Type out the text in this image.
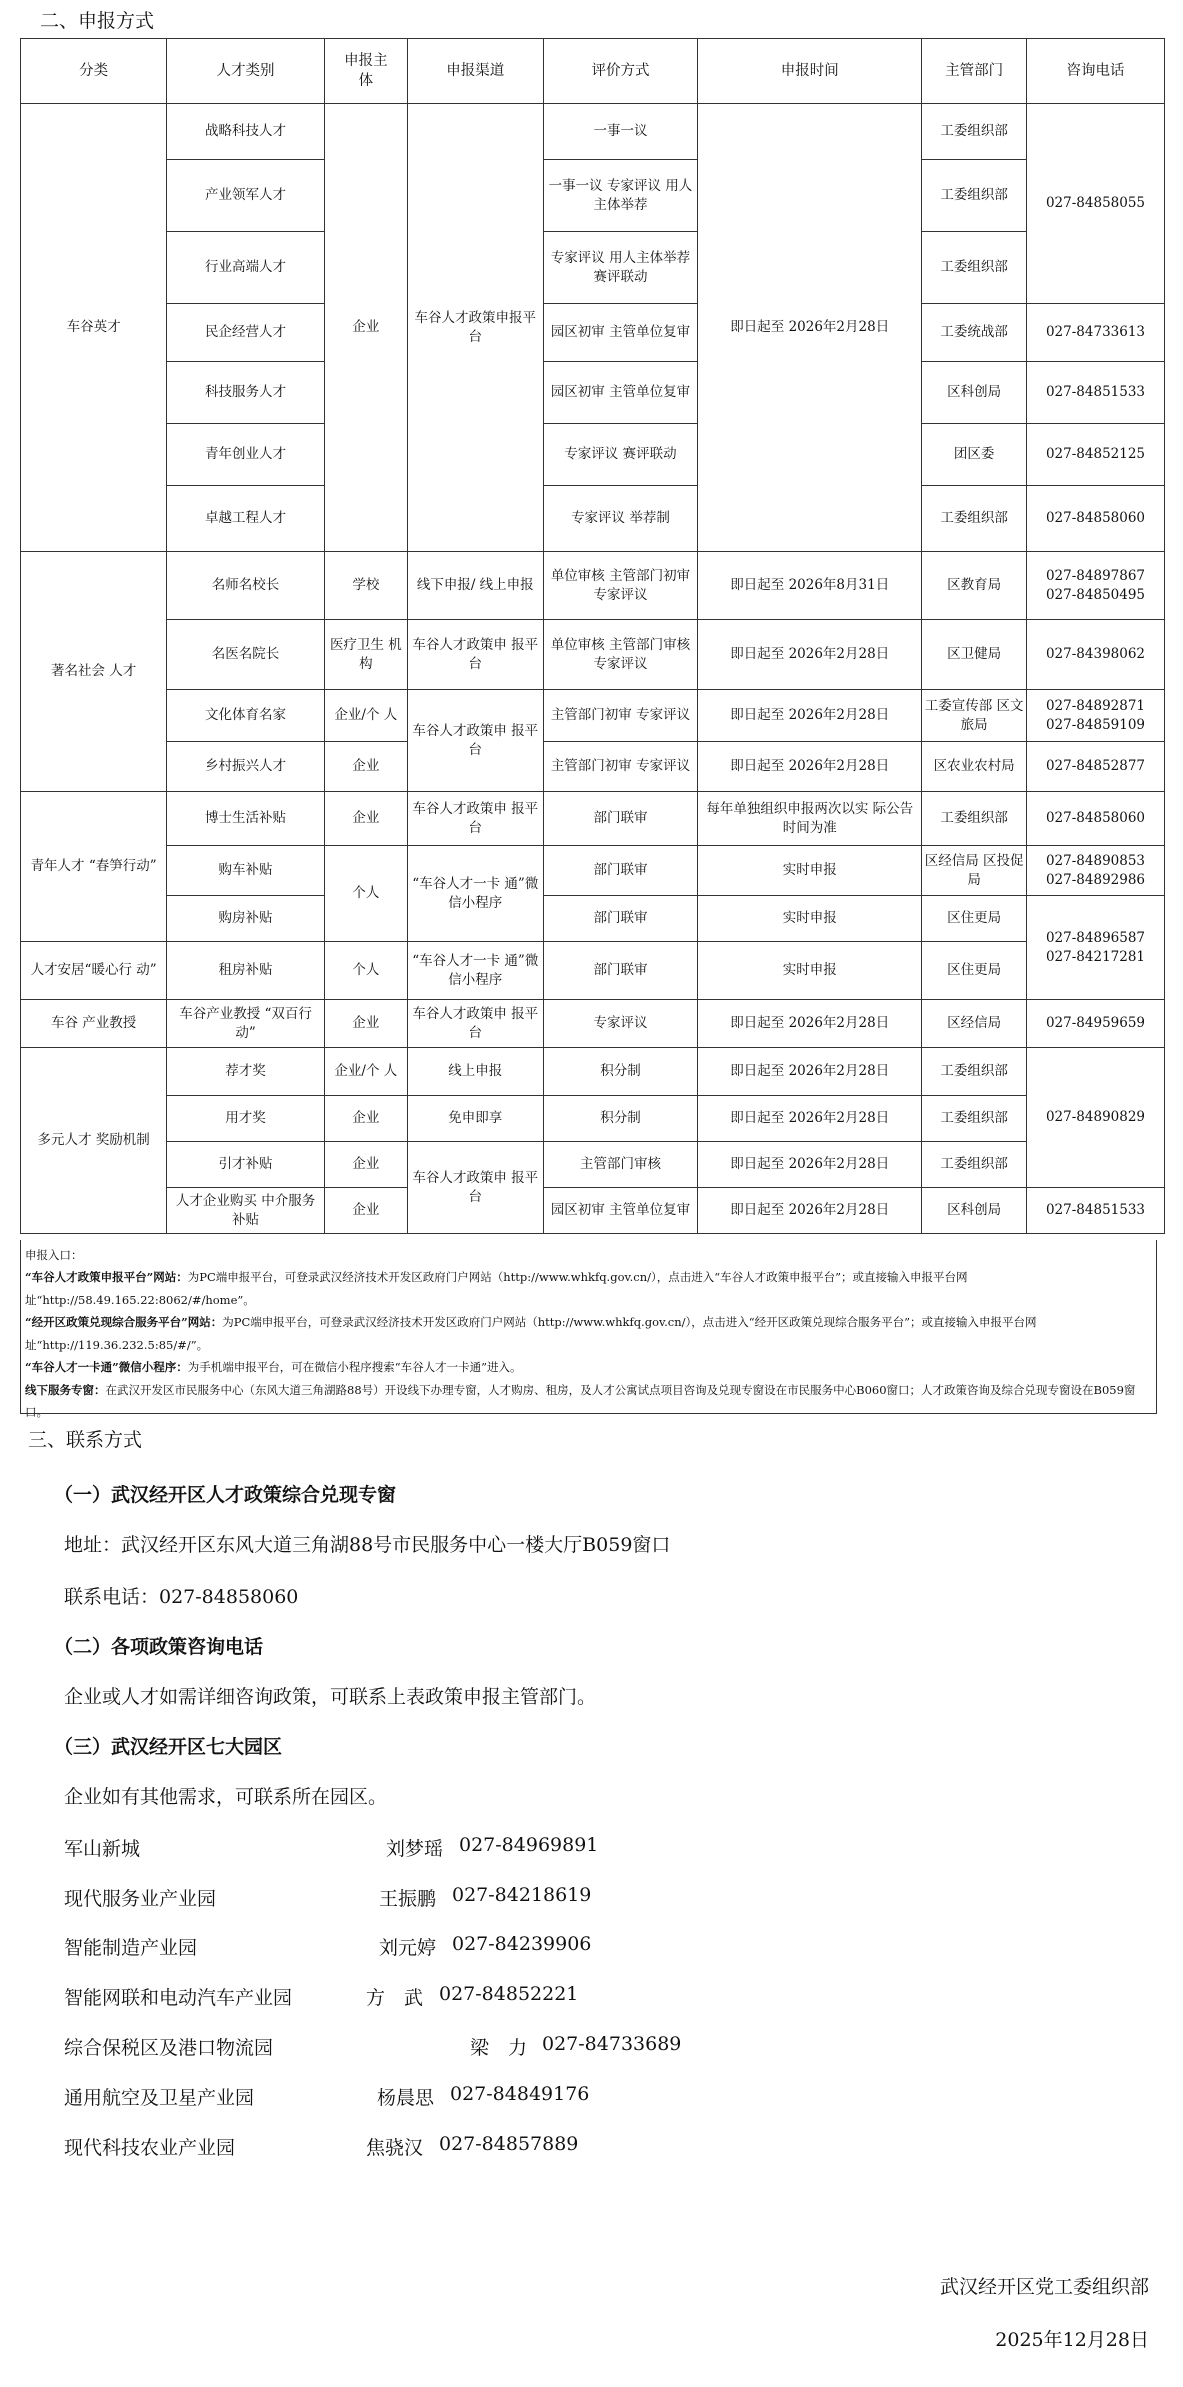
二、申报方式
分类	人才类别	申报主体	申报渠道	评价方式	申报时间	主管部门	咨询电话
车谷英才	战略科技人才	企业	车谷人才政策申报平台	一事一议	即日起至 2026年2月28日	工委组织部	027-84858055
	产业领军人才			一事一议 专家评议 用人主体举荐		工委组织部	
	行业高端人才			专家评议 用人主体举荐 赛评联动		工委组织部	
	民企经营人才			园区初审 主管单位复审		工委统战部	027-84733613
	科技服务人才			园区初审 主管单位复审		区科创局	027-84851533
	青年创业人才			专家评议 赛评联动		团区委	027-84852125
	卓越工程人才			专家评议 举荐制		工委组织部	027-84858060
著名社会 人才	名师名校长	学校	线下申报/ 线上申报	单位审核 主管部门初审 专家评议	即日起至 2026年8月31日	区教育局	027-84897867 027-84850495
	名医名院长	医疗卫生 机构	车谷人才政策申 报平台	单位审核 主管部门审核 专家评议	即日起至 2026年2月28日	区卫健局	027-84398062
	文化体育名家	企业/个 人	车谷人才政策申 报平台	主管部门初审 专家评议	即日起至 2026年2月28日	工委宣传部 区文旅局	027-84892871 027-84859109
	乡村振兴人才	企业		主管部门初审 专家评议	即日起至 2026年2月28日	区农业农村局	027-84852877
青年人才 “春笋行动”	博士生活补贴	企业	车谷人才政策申 报平台	部门联审	每年单独组织申报两次以实 际公告时间为准	工委组织部	027-84858060
	购车补贴	个人	“车谷人才一卡 通”微信小程序	部门联审	实时申报	区经信局 区投促局	027-84890853 027-84892986
	购房补贴			部门联审	实时申报	区住更局	027-84896587 027-84217281
人才安居“暖心行 动”	租房补贴	个人	“车谷人才一卡 通”微信小程序	部门联审	实时申报	区住更局	
车谷 产业教授	车谷产业教授 “双百行动”	企业	车谷人才政策申 报平台	专家评议	即日起至 2026年2月28日	区经信局	027-84959659
多元人才 奖励机制	荐才奖	企业/个 人	线上申报	积分制	即日起至 2026年2月28日	工委组织部	027-84890829
	用才奖	企业	免申即享	积分制	即日起至 2026年2月28日	工委组织部	
	引才补贴	企业	车谷人才政策申 报平台	主管部门审核	即日起至 2026年2月28日	工委组织部	
	人才企业购买 中介服务补贴	企业		园区初审 主管单位复审	即日起至 2026年2月28日	区科创局	027-84851533
申报入口：
“车谷人才政策申报平台”网站：为PC端申报平台，可登录武汉经济技术开发区政府门户网站（http://www.whkfq.gov.cn/），点击进入“车谷人才政策申报平台”；或直接输入申报平台网址“http://58.49.165.22:8062/#/home”。
“经开区政策兑现综合服务平台”网站：为PC端申报平台，可登录武汉经济技术开发区政府门户网站（http://www.whkfq.gov.cn/），点击进入“经开区政策兑现综合服务平台”；或直接输入申报平台网址“http://119.36.232.5:85/#/”。
“车谷人才一卡通”微信小程序：为手机端申报平台，可在微信小程序搜索“车谷人才一卡通”进入。
线下服务专窗：在武汉开发区市民服务中心（东风大道三角湖路88号）开设线下办理专窗，人才购房、租房，及人才公寓试点项目咨询及兑现专窗设在市民服务中心B060窗口；人才政策咨询及综合兑现专窗设在B059窗口。
三、联系方式
（一）武汉经开区人才政策综合兑现专窗
地址：武汉经开区东风大道三角湖88号市民服务中心一楼大厅B059窗口
联系电话：027-84858060
（二）各项政策咨询电话
企业或人才如需详细咨询政策，可联系上表政策申报主管部门。
（三）武汉经开区七大园区
企业如有其他需求，可联系所在园区。
军山新城	刘梦瑶 027-84969891
现代服务业产业园	王振鹏 027-84218619
智能制造产业园	刘元婷 027-84239906
智能网联和电动汽车产业园	方　武 027-84852221
综合保税区及港口物流园	梁　力 027-84733689
通用航空及卫星产业园	杨晨思 027-84849176
现代科技农业产业园	焦骁汉 027-84857889
武汉经开区党工委组织部
2025年12月28日
